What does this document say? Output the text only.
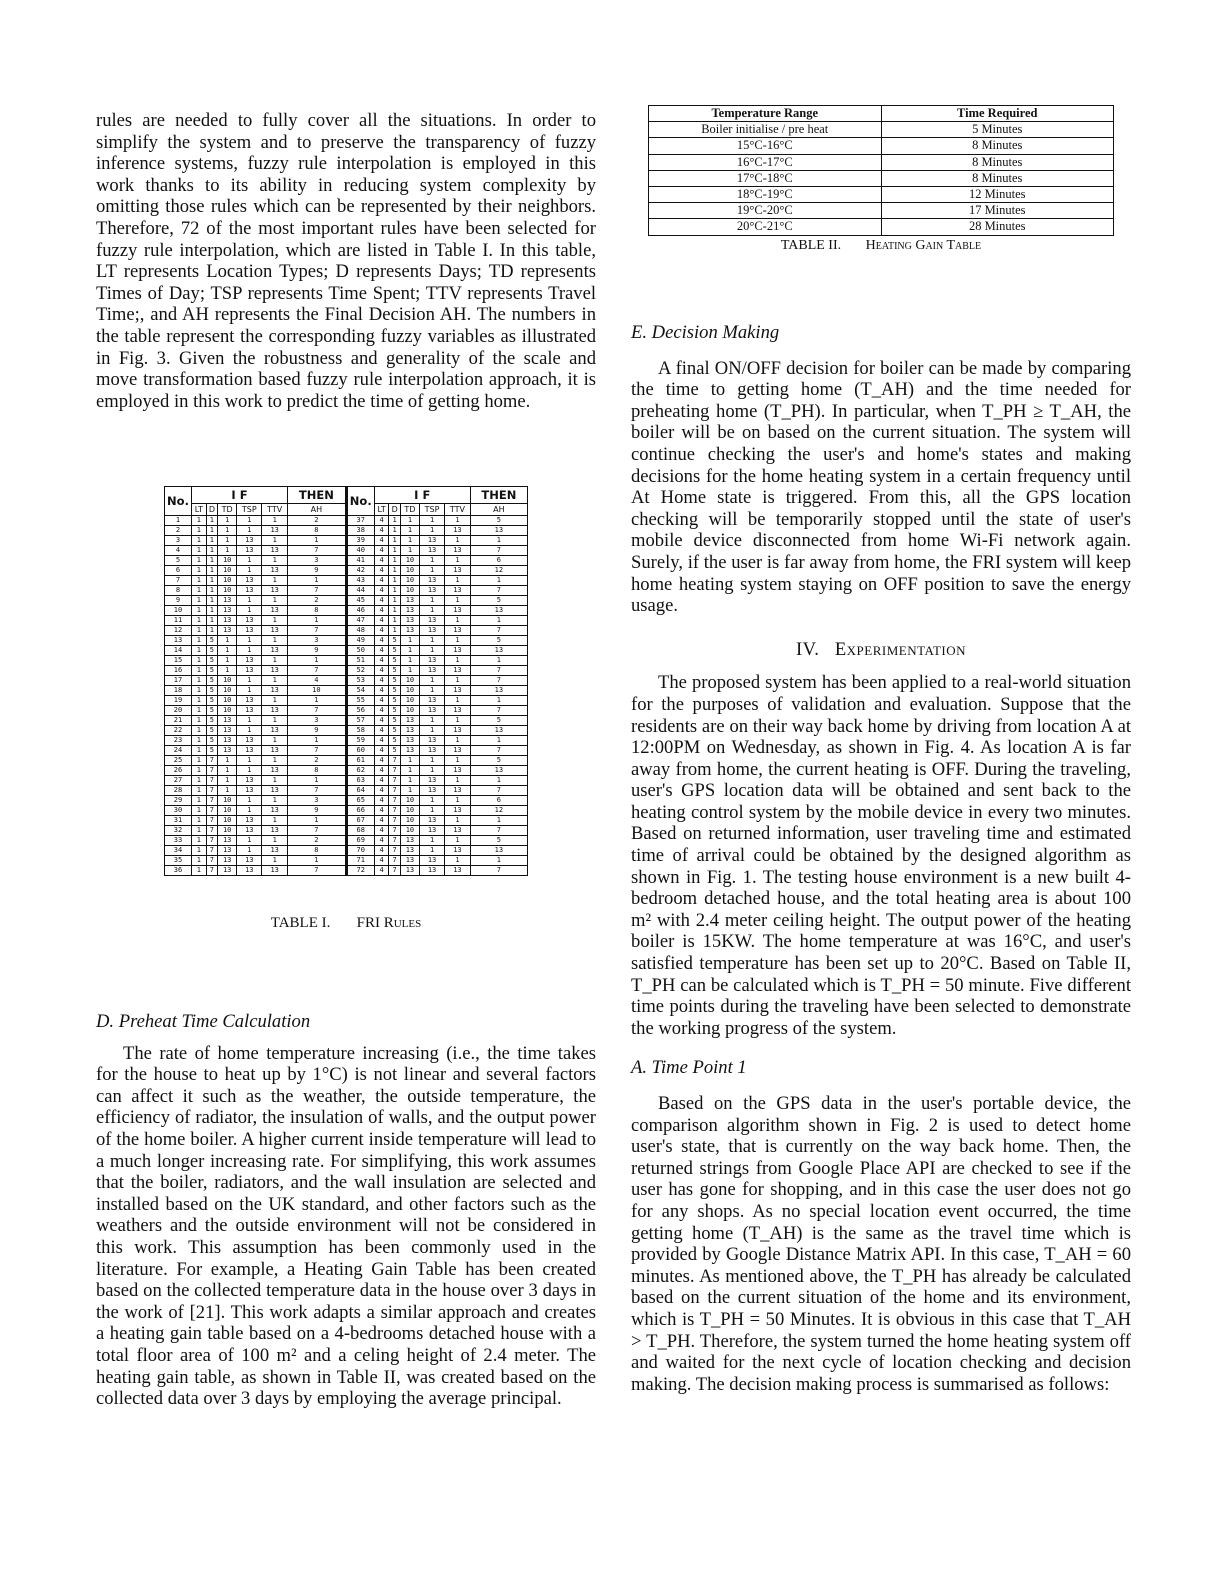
rules are needed to fully cover all the situations. In order to simplify the system and to preserve the transparency of fuzzy inference systems, fuzzy rule interpolation is employed in this work thanks to its ability in reducing system complexity by omitting those rules which can be represented by their neighbors. Therefore, 72 of the most important rules have been selected for fuzzy rule interpolation, which are listed in Table I. In this table, LT represents Location Types; D represents Days; TD represents Times of Day; TSP represents Time Spent; TTV represents Travel Time;, and AH represents the Final Decision AH. The numbers in the table represent the corresponding fuzzy variables as illustrated in Fig. 3. Given the robustness and generality of the scale and move transformation based fuzzy rule interpolation approach, it is employed in this work to predict the time of getting home.

No.	I F					THEN	No.	I F					THEN
	LT	D	TD	TSP	TTV	AH		LT	D	TD	TSP	TTV	AH
1	1	1	1	1	1	2	37	4	1	1	1	1	5
2	1	1	1	1	13	8	38	4	1	1	1	13	13
3	1	1	1	13	1	1	39	4	1	1	13	1	1
4	1	1	1	13	13	7	40	4	1	1	13	13	7
5	1	1	10	1	1	3	41	4	1	10	1	1	6
6	1	1	10	1	13	9	42	4	1	10	1	13	12
7	1	1	10	13	1	1	43	4	1	10	13	1	1
8	1	1	10	13	13	7	44	4	1	10	13	13	7
9	1	1	13	1	1	2	45	4	1	13	1	1	5
10	1	1	13	1	13	8	46	4	1	13	1	13	13
11	1	1	13	13	1	1	47	4	1	13	13	1	1
12	1	1	13	13	13	7	48	4	1	13	13	13	7
13	1	5	1	1	1	3	49	4	5	1	1	1	5
14	1	5	1	1	13	9	50	4	5	1	1	13	13
15	1	5	1	13	1	1	51	4	5	1	13	1	1
16	1	5	1	13	13	7	52	4	5	1	13	13	7
17	1	5	10	1	1	4	53	4	5	10	1	1	7
18	1	5	10	1	13	10	54	4	5	10	1	13	13
19	1	5	10	13	1	1	55	4	5	10	13	1	1
20	1	5	10	13	13	7	56	4	5	10	13	13	7
21	1	5	13	1	1	3	57	4	5	13	1	1	5
22	1	5	13	1	13	9	58	4	5	13	1	13	13
23	1	5	13	13	1	1	59	4	5	13	13	1	1
24	1	5	13	13	13	7	60	4	5	13	13	13	7
25	1	7	1	1	1	2	61	4	7	1	1	1	5
26	1	7	1	1	13	8	62	4	7	1	1	13	13
27	1	7	1	13	1	1	63	4	7	1	13	1	1
28	1	7	1	13	13	7	64	4	7	1	13	13	7
29	1	7	10	1	1	3	65	4	7	10	1	1	6
30	1	7	10	1	13	9	66	4	7	10	1	13	12
31	1	7	10	13	1	1	67	4	7	10	13	1	1
32	1	7	10	13	13	7	68	4	7	10	13	13	7
33	1	7	13	1	1	2	69	4	7	13	1	1	5
34	1	7	13	1	13	8	70	4	7	13	1	13	13
35	1	7	13	13	1	1	71	4	7	13	13	1	1
36	1	7	13	13	13	7	72	4	7	13	13	13	7
TABLE I. FRI Rules

D. Preheat Time Calculation

The rate of home temperature increasing (i.e., the time takes for the house to heat up by 1°C) is not linear and several factors can affect it such as the weather, the outside temperature, the efficiency of radiator, the insulation of walls, and the output power of the home boiler. A higher current inside temperature will lead to a much longer increasing rate. For simplifying, this work assumes that the boiler, radiators, and the wall insulation are selected and installed based on the UK standard, and other factors such as the weathers and the outside environment will not be considered in this work. This assumption has been commonly used in the literature. For example, a Heating Gain Table has been created based on the collected temperature data in the house over 3 days in the work of [21]. This work adapts a similar approach and creates a heating gain table based on a 4-bedrooms detached house with a total floor area of 100 m² and a celing height of 2.4 meter. The heating gain table, as shown in Table II, was created based on the collected data over 3 days by employing the average principal.

Temperature Range	Time Required
Boiler initialise / pre heat	5 Minutes
15°C-16°C	8 Minutes
16°C-17°C	8 Minutes
17°C-18°C	8 Minutes
18°C-19°C	12 Minutes
19°C-20°C	17 Minutes
20°C-21°C	28 Minutes
TABLE II. Heating Gain Table

E. Decision Making

A final ON/OFF decision for boiler can be made by comparing the time to getting home (T_AH) and the time needed for preheating home (T_PH). In particular, when T_PH ≥ T_AH, the boiler will be on based on the current situation. The system will continue checking the user's and home's states and making decisions for the home heating system in a certain frequency until At Home state is triggered. From this, all the GPS location checking will be temporarily stopped until the state of user's mobile device disconnected from home Wi-Fi network again. Surely, if the user is far away from home, the FRI system will keep home heating system staying on OFF position to save the energy usage.

IV. Experimentation

The proposed system has been applied to a real-world situation for the purposes of validation and evaluation. Suppose that the residents are on their way back home by driving from location A at 12:00PM on Wednesday, as shown in Fig. 4. As location A is far away from home, the current heating is OFF. During the traveling, user's GPS location data will be obtained and sent back to the heating control system by the mobile device in every two minutes. Based on returned information, user traveling time and estimated time of arrival could be obtained by the designed algorithm as shown in Fig. 1. The testing house environment is a new built 4-bedroom detached house, and the total heating area is about 100 m² with 2.4 meter ceiling height. The output power of the heating boiler is 15KW. The home temperature at was 16°C, and user's satisfied temperature has been set up to 20°C. Based on Table II, T_PH can be calculated which is T_PH = 50 minute. Five different time points during the traveling have been selected to demonstrate the working progress of the system.

A. Time Point 1

Based on the GPS data in the user's portable device, the comparison algorithm shown in Fig. 2 is used to detect home user's state, that is currently on the way back home. Then, the returned strings from Google Place API are checked to see if the user has gone for shopping, and in this case the user does not go for any shops. As no special location event occurred, the time getting home (T_AH) is the same as the travel time which is provided by Google Distance Matrix API. In this case, T_AH = 60 minutes. As mentioned above, the T_PH has already be calculated based on the current situation of the home and its environment, which is T_PH = 50 Minutes. It is obvious in this case that T_AH > T_PH. Therefore, the system turned the home heating system off and waited for the next cycle of location checking and decision making. The decision making process is summarised as follows:
